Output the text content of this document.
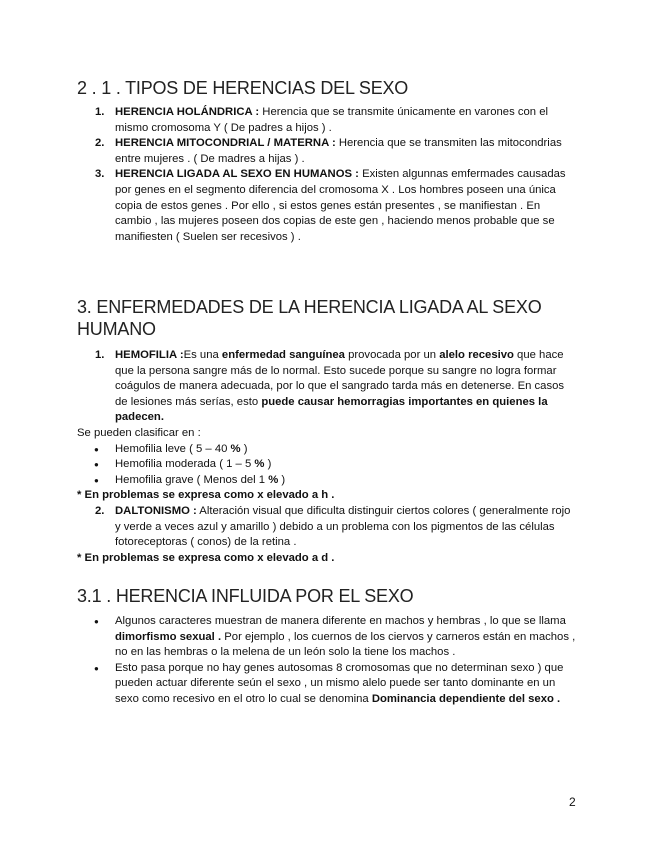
2 . 1 . TIPOS DE HERENCIAS DEL SEXO
1. HERENCIA HOLÁNDRICA : Herencia que se transmite únicamente en varones con el mismo cromosoma Y ( De padres a hijos ) .
2. HERENCIA MITOCONDRIAL / MATERNA : Herencia que se transmiten las mitocondrias entre mujeres . ( De madres a hijas ) .
3. HERENCIA LIGADA AL SEXO EN HUMANOS : Existen algunnas emfermades causadas por genes en el segmento diferencia del cromosoma X . Los hombres poseen una única copia de estos genes . Por ello , si estos genes están presentes , se manifiestan . En cambio , las mujeres poseen dos copias de este gen , haciendo menos probable que se manifiesten ( Suelen ser recesivos ) .
3. ENFERMEDADES DE LA HERENCIA LIGADA AL SEXO HUMANO
1. HEMOFILIA :Es una enfermedad sanguínea provocada por un alelo recesivo que hace que la persona sangre más de lo normal. Esto sucede porque su sangre no logra formar coágulos de manera adecuada, por lo que el sangrado tarda más en detenerse. En casos de lesiones más serías, esto puede causar hemorragias importantes en quienes la padecen.
Se pueden clasificar en :
● Hemofilia leve ( 5 – 40 % )
● Hemofilia moderada ( 1 – 5 % )
● Hemofilia grave ( Menos del 1 % )
* En problemas se expresa como x elevado a h .
2. DALTONISMO : Alteración visual que dificulta distinguir ciertos colores ( generalmente rojo y verde a veces azul y amarillo ) debido a un problema con los pigmentos de las células fotoreceptoras ( conos) de la retina .
* En problemas se expresa como x elevado a d .
3.1 . HERENCIA INFLUIDA POR EL SEXO
● Algunos caracteres muestran de manera diferente en machos y hembras , lo que se llama dimorfismo sexual . Por ejemplo , los cuernos de los ciervos y carneros están en machos , no en las hembras o la melena de un león solo la tiene los machos .
● Esto pasa porque no hay genes autosomas 8 cromosomas que no determinan sexo ) que pueden actuar diferente seún el sexo , un mismo alelo puede ser tanto dominante en un sexo como recesivo en el otro lo cual se denomina Dominancia dependiente del sexo .
2
